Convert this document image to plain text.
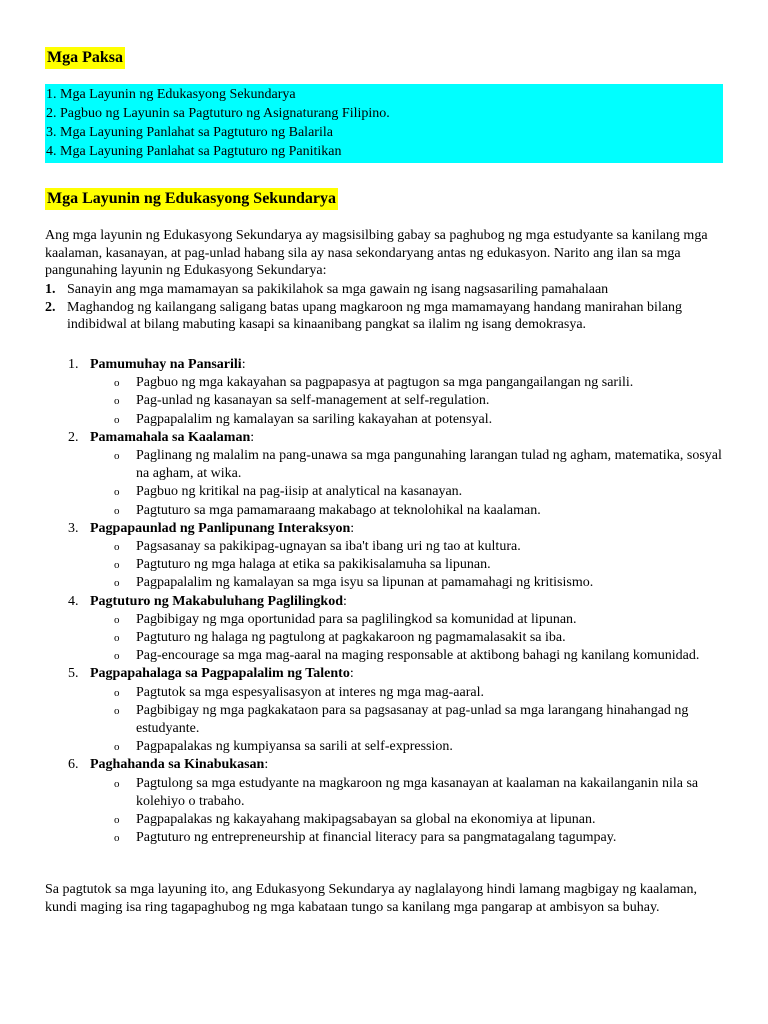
Mga Paksa
1. Mga Layunin ng Edukasyong Sekundarya
2. Pagbuo ng Layunin sa Pagtuturo ng Asignaturang Filipino.
3. Mga Layuning Panlahat sa Pagtuturo ng Balarila
4. Mga Layuning Panlahat sa Pagtuturo ng Panitikan
Mga Layunin ng Edukasyong Sekundarya
Ang mga layunin ng Edukasyong Sekundarya ay magsisilbing gabay sa paghubog ng mga estudyante sa kanilang mga kaalaman, kasanayan, at pag-unlad habang sila ay nasa sekondaryang antas ng edukasyon. Narito ang ilan sa mga pangunahing layunin ng Edukasyong Sekundarya:
1. Sanayin ang mga mamamayan sa pakikilahok sa mga gawain ng isang nagsasariling pamahalaan
2. Maghandog ng kailangang saligang batas upang magkaroon ng mga mamamayang handang manirahan bilang indibidwal at bilang mabuting kasapi sa kinaanibang pangkat sa ilalim ng isang demokrasya.
1. Pamumuhay na Pansarili:
o Pagbuo ng mga kakayahan sa pagpapasya at pagtugon sa mga pangangailangan ng sarili.
o Pag-unlad ng kasanayan sa self-management at self-regulation.
o Pagpapalalim ng kamalayan sa sariling kakayahan at potensyal.
2. Pamamahala sa Kaalaman:
o Paglinang ng malalim na pang-unawa sa mga pangunahing larangan tulad ng agham, matematika, sosyal na agham, at wika.
o Pagbuo ng kritikal na pag-iisip at analytical na kasanayan.
o Pagtuturo sa mga pamamaraang makabago at teknolohikal na kaalaman.
3. Pagpapaunlad ng Panlipunang Interaksyon:
o Pagsasanay sa pakikipag-ugnayan sa iba't ibang uri ng tao at kultura.
o Pagtuturo ng mga halaga at etika sa pakikisalamuha sa lipunan.
o Pagpapalalim ng kamalayan sa mga isyu sa lipunan at pamamahagi ng kritisismo.
4. Pagtuturo ng Makabuluhang Paglilingkod:
o Pagbibigay ng mga oportunidad para sa paglilingkod sa komunidad at lipunan.
o Pagtuturo ng halaga ng pagtulong at pagkakaroon ng pagmamalasakit sa iba.
o Pag-encourage sa mga mag-aaral na maging responsable at aktibong bahagi ng kanilang komunidad.
5. Pagpapahalaga sa Pagpapalalim ng Talento:
o Pagtutok sa mga espesyalisasyon at interes ng mga mag-aaral.
o Pagbibigay ng mga pagkakataon para sa pagsasanay at pag-unlad sa mga larangang hinahangad ng estudyante.
o Pagpapalakas ng kumpiyansa sa sarili at self-expression.
6. Paghahanda sa Kinabukasan:
o Pagtulong sa mga estudyante na magkaroon ng mga kasanayan at kaalaman na kakailanganin nila sa kolehiyo o trabaho.
o Pagpapalakas ng kakayahang makipagsabayan sa global na ekonomiya at lipunan.
o Pagtuturo ng entrepreneurship at financial literacy para sa pangmatagalang tagumpay.
Sa pagtutok sa mga layuning ito, ang Edukasyong Sekundarya ay naglalayong hindi lamang magbigay ng kaalaman, kundi maging isa ring tagapaghubog ng mga kabataan tungo sa kanilang mga pangarap at ambisyon sa buhay.
